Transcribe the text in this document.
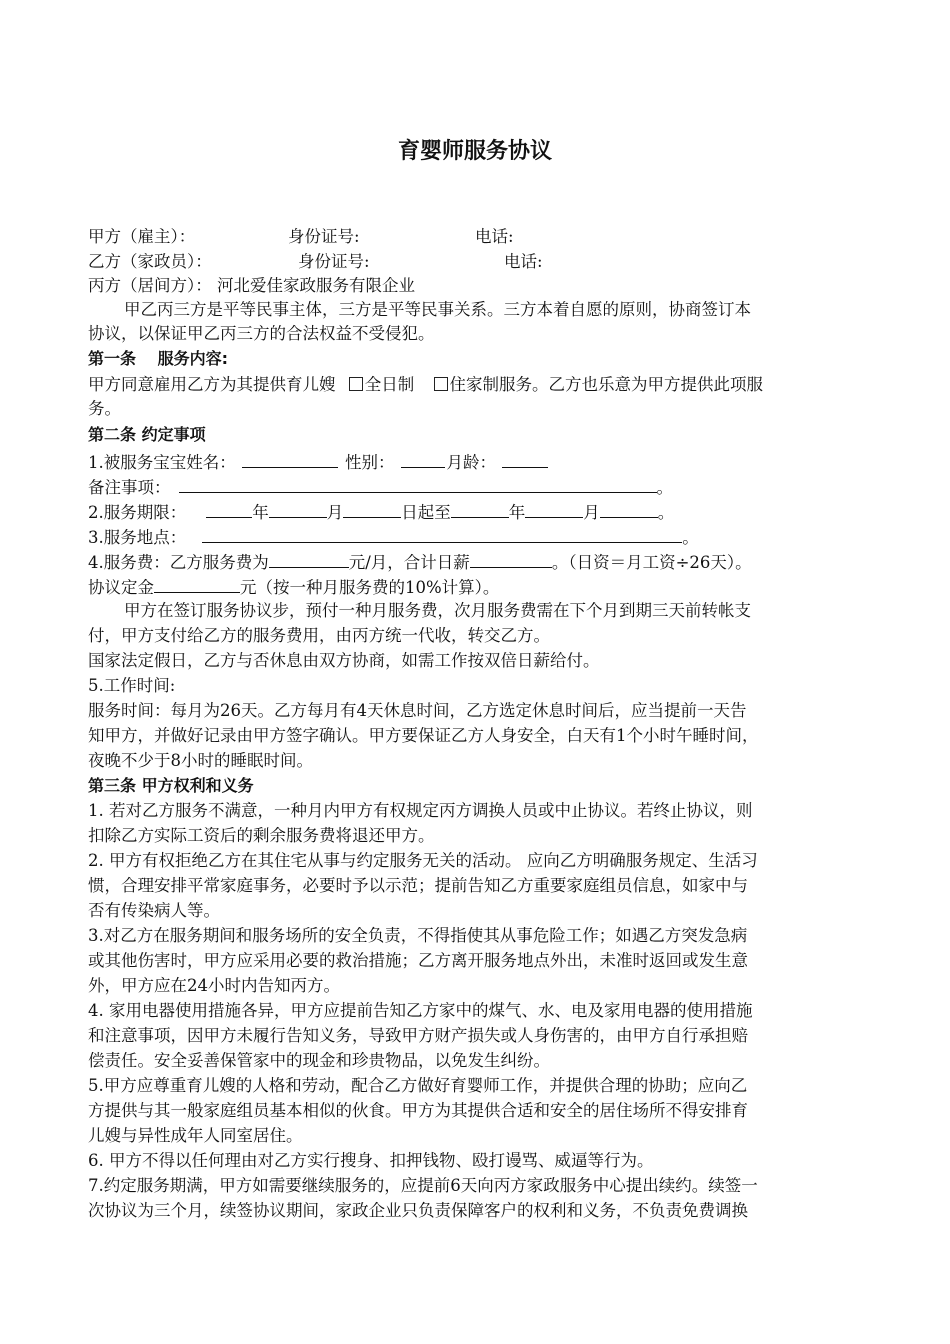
育婴师服务协议
甲方（雇主）：	身份证号:	电话:
乙方（家政员）：	身份证号:	电话:
丙方（居间方）： 河北爱佳家政服务有限企业
甲乙丙三方是平等民事主体，三方是平等民事关系。三方本着自愿的原则，协商签订本
协议，以保证甲乙丙三方的合法权益不受侵犯。
第一条　 服务内容:
甲方同意雇用乙方为其提供育儿嫂 全日制 住家制服务。乙方也乐意为甲方提供此项服
务。
第二条 约定事项
1.被服务宝宝姓名：	性别：	月龄：
备注事项：	。
2.服务期限：	年	月	日起至	年	月	。
3.服务地点：	。
4.服务费：乙方服务费为	元/月，合计日薪	。（日资＝月工资÷26天）。
协议定金	元（按一种月服务费的10%计算）。
甲方在签订服务协议步，预付一种月服务费，次月服务费需在下个月到期三天前转帐支
付，甲方支付给乙方的服务费用，由丙方统一代收，转交乙方。
国家法定假日，乙方与否休息由双方协商，如需工作按双倍日薪给付。
5.工作时间:
服务时间：每月为26天。乙方每月有4天休息时间，乙方选定休息时间后，应当提前一天告
知甲方，并做好记录由甲方签字确认。甲方要保证乙方人身安全，白天有1个小时午睡时间，
夜晚不少于8小时的睡眠时间。
第三条 甲方权利和义务
1. 若对乙方服务不满意，一种月内甲方有权规定丙方调换人员或中止协议。若终止协议，则
扣除乙方实际工资后的剩余服务费将退还甲方。
2. 甲方有权拒绝乙方在其住宅从事与约定服务无关的活动。 应向乙方明确服务规定、生活习
惯，合理安排平常家庭事务，必要时予以示范；提前告知乙方重要家庭组员信息，如家中与
否有传染病人等。
3.对乙方在服务期间和服务场所的安全负责，不得指使其从事危险工作；如遇乙方突发急病
或其他伤害时，甲方应采用必要的救治措施；乙方离开服务地点外出，未准时返回或发生意
外，甲方应在24小时内告知丙方。
4. 家用电器使用措施各异，甲方应提前告知乙方家中的煤气、水、电及家用电器的使用措施
和注意事项，因甲方未履行告知义务，导致甲方财产损失或人身伤害的，由甲方自行承担赔
偿责任。安全妥善保管家中的现金和珍贵物品，以免发生纠纷。
5.甲方应尊重育儿嫂的人格和劳动，配合乙方做好育婴师工作，并提供合理的协助；应向乙
方提供与其一般家庭组员基本相似的伙食。甲方为其提供合适和安全的居住场所不得安排育
儿嫂与异性成年人同室居住。
6. 甲方不得以任何理由对乙方实行搜身、扣押钱物、殴打谩骂、威逼等行为。
7.约定服务期满，甲方如需要继续服务的，应提前6天向丙方家政服务中心提出续约。续签一
次协议为三个月，续签协议期间，家政企业只负责保障客户的权利和义务，不负责免费调换
